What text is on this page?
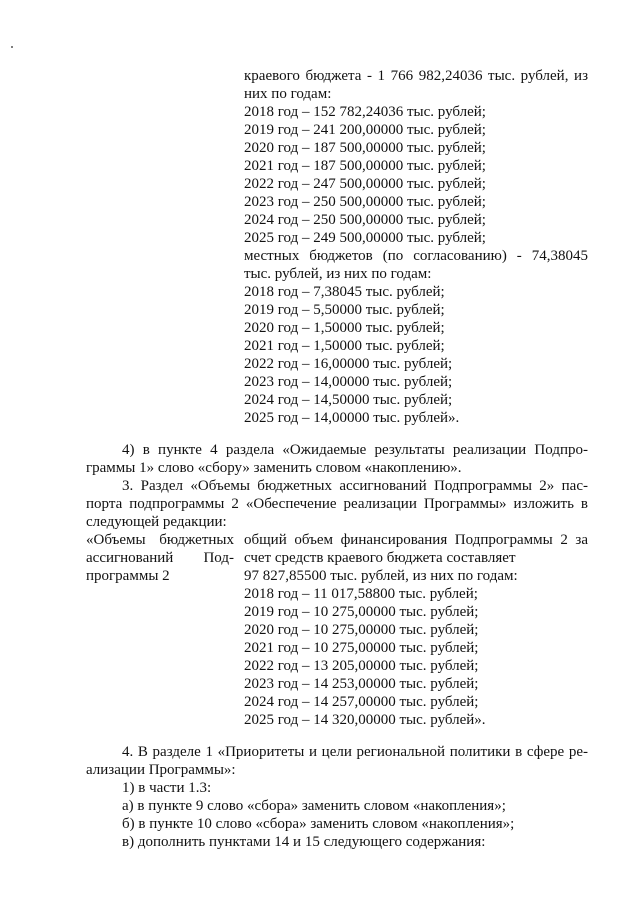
краевого бюджета - 1 766 982,24036 тыс. рублей, из
них по годам:
2018 год – 152 782,24036 тыс. рублей;
2019 год – 241 200,00000 тыс. рублей;
2020 год – 187 500,00000 тыс. рублей;
2021 год – 187 500,00000 тыс. рублей;
2022 год – 247 500,00000 тыс. рублей;
2023 год – 250 500,00000 тыс. рублей;
2024 год – 250 500,00000 тыс. рублей;
2025 год – 249 500,00000 тыс. рублей;
местных бюджетов (по согласованию) - 74,38045
тыс. рублей, из них по годам:
2018 год – 7,38045 тыс. рублей;
2019 год – 5,50000 тыс. рублей;
2020 год – 1,50000 тыс. рублей;
2021 год – 1,50000 тыс. рублей;
2022 год – 16,00000 тыс. рублей;
2023 год – 14,00000 тыс. рублей;
2024 год – 14,50000 тыс. рублей;
2025 год – 14,00000 тыс. рублей».
4) в пункте 4 раздела «Ожидаемые результаты реализации Подпро-
граммы 1» слово «сбору» заменить словом «накоплению».
3. Раздел «Объемы бюджетных ассигнований Подпрограммы 2» пас-
порта подпрограммы 2 «Обеспечение реализации Программы» изложить в
следующей редакции:
«Объемы бюджетных
ассигнований Под-
программы 2
общий объем финансирования Подпрограммы 2 за
счет средств краевого бюджета составляет
97 827,85500 тыс. рублей, из них по годам:
2018 год – 11 017,58800 тыс. рублей;
2019 год – 10 275,00000 тыс. рублей;
2020 год – 10 275,00000 тыс. рублей;
2021 год – 10 275,00000 тыс. рублей;
2022 год – 13 205,00000 тыс. рублей;
2023 год – 14 253,00000 тыс. рублей;
2024 год – 14 257,00000 тыс. рублей;
2025 год – 14 320,00000 тыс. рублей».
4. В разделе 1 «Приоритеты и цели региональной политики в сфере ре-
ализации Программы»:
1) в части 1.3:
а) в пункте 9 слово «сбора» заменить словом «накопления»;
б) в пункте 10 слово «сбора» заменить словом «накопления»;
в) дополнить пунктами 14 и 15 следующего содержания:
